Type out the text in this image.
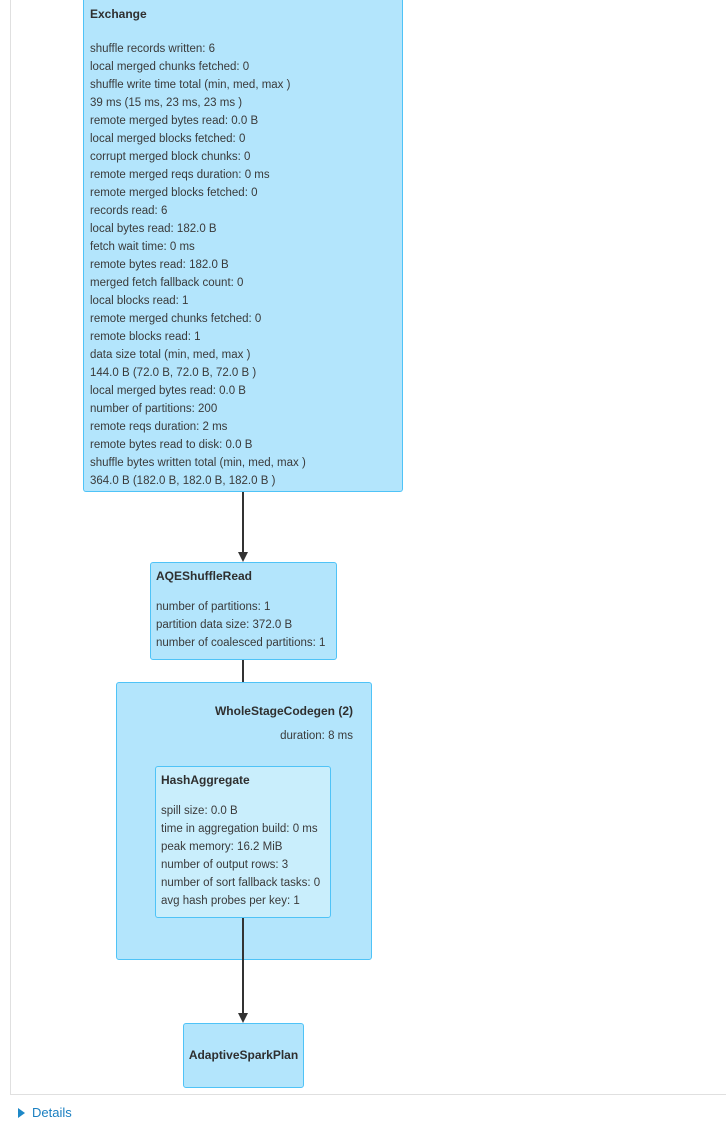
Exchange
shuffle records written: 6
local merged chunks fetched: 0
shuffle write time total (min, med, max )
39 ms (15 ms, 23 ms, 23 ms )
remote merged bytes read: 0.0 B
local merged blocks fetched: 0
corrupt merged block chunks: 0
remote merged reqs duration: 0 ms
remote merged blocks fetched: 0
records read: 6
local bytes read: 182.0 B
fetch wait time: 0 ms
remote bytes read: 182.0 B
merged fetch fallback count: 0
local blocks read: 1
remote merged chunks fetched: 0
remote blocks read: 1
data size total (min, med, max )
144.0 B (72.0 B, 72.0 B, 72.0 B )
local merged bytes read: 0.0 B
number of partitions: 200
remote reqs duration: 2 ms
remote bytes read to disk: 0.0 B
shuffle bytes written total (min, med, max )
364.0 B (182.0 B, 182.0 B, 182.0 B )
AQEShuffleRead
number of partitions: 1
partition data size: 372.0 B
number of coalesced partitions: 1
WholeStageCodegen (2)
duration: 8 ms
HashAggregate
spill size: 0.0 B
time in aggregation build: 0 ms
peak memory: 16.2 MiB
number of output rows: 3
number of sort fallback tasks: 0
avg hash probes per key: 1
AdaptiveSparkPlan
Details
